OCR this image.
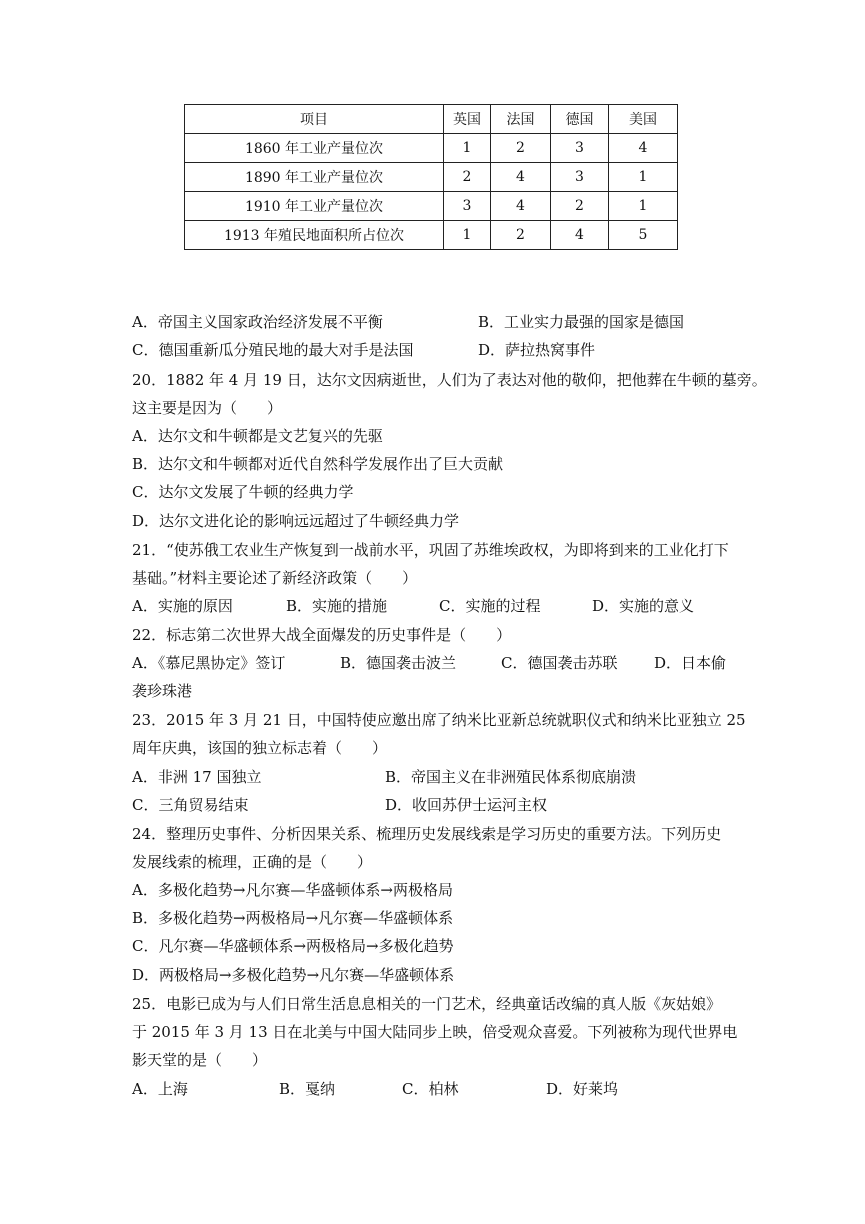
项目	英国	法国	德国	美国
1860 年工业产量位次	1	2	3	4
1890 年工业产量位次	2	4	3	1
1910 年工业产量位次	3	4	2	1
1913 年殖民地面积所占位次	1	2	4	5
A．帝国主义国家政治经济发展不平衡	B．工业实力最强的国家是德国
C．德国重新瓜分殖民地的最大对手是法国	D．萨拉热窝事件
20．1882 年 4 月 19 日，达尔文因病逝世，人们为了表达对他的敬仰，把他葬在牛顿的墓旁。
这主要是因为（　　）
A．达尔文和牛顿都是文艺复兴的先驱
B．达尔文和牛顿都对近代自然科学发展作出了巨大贡献
C．达尔文发展了牛顿的经典力学
D．达尔文进化论的影响远远超过了牛顿经典力学
21．“使苏俄工农业生产恢复到一战前水平，巩固了苏维埃政权，为即将到来的工业化打下
基础。”材料主要论述了新经济政策（　　）
A．实施的原因	B．实施的措施	C．实施的过程	D．实施的意义
22．标志第二次世界大战全面爆发的历史事件是（　　）
A．《慕尼黑协定》签订	B．德国袭击波兰	C．德国袭击苏联 D．日本偷
袭珍珠港
23．2015 年 3 月 21 日，中国特使应邀出席了纳米比亚新总统就职仪式和纳米比亚独立 25
周年庆典，该国的独立标志着（　　）
A．非洲 17 国独立	B．帝国主义在非洲殖民体系彻底崩溃
C．三角贸易结束	D．收回苏伊士运河主权
24．整理历史事件、分析因果关系、梳理历史发展线索是学习历史的重要方法。下列历史
发展线索的梳理，正确的是（　　）
A．多极化趋势→凡尔赛—华盛顿体系→两极格局
B．多极化趋势→两极格局→凡尔赛—华盛顿体系
C．凡尔赛—华盛顿体系→两极格局→多极化趋势
D．两极格局→多极化趋势→凡尔赛—华盛顿体系
25．电影已成为与人们日常生活息息相关的一门艺术，经典童话改编的真人版《灰姑娘》
于 2015 年 3 月 13 日在北美与中国大陆同步上映，倍受观众喜爱。下列被称为现代世界电
影天堂的是（　　）
A．上海	B．戛纳	C．柏林	D．好莱坞
